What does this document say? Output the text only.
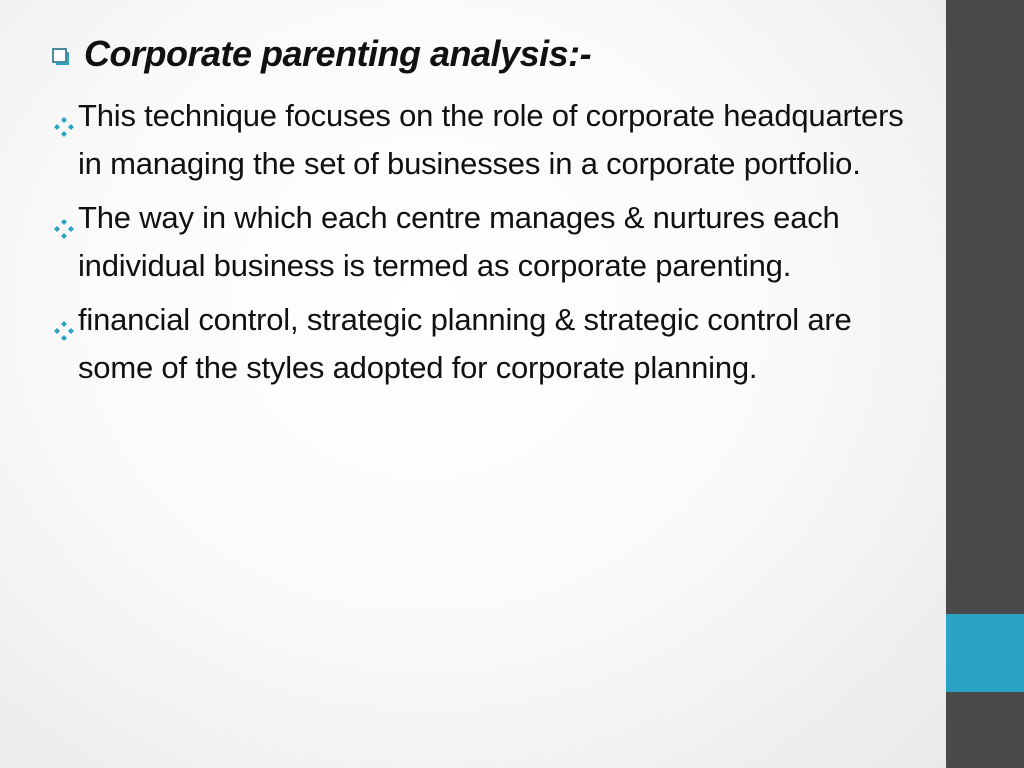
Corporate parenting analysis:-
This technique focuses on the role of corporate headquarters in managing the set of businesses in a corporate portfolio.
The way in which each centre manages & nurtures each individual business is termed as corporate parenting.
financial control, strategic planning & strategic control are some of the styles adopted for corporate planning.
